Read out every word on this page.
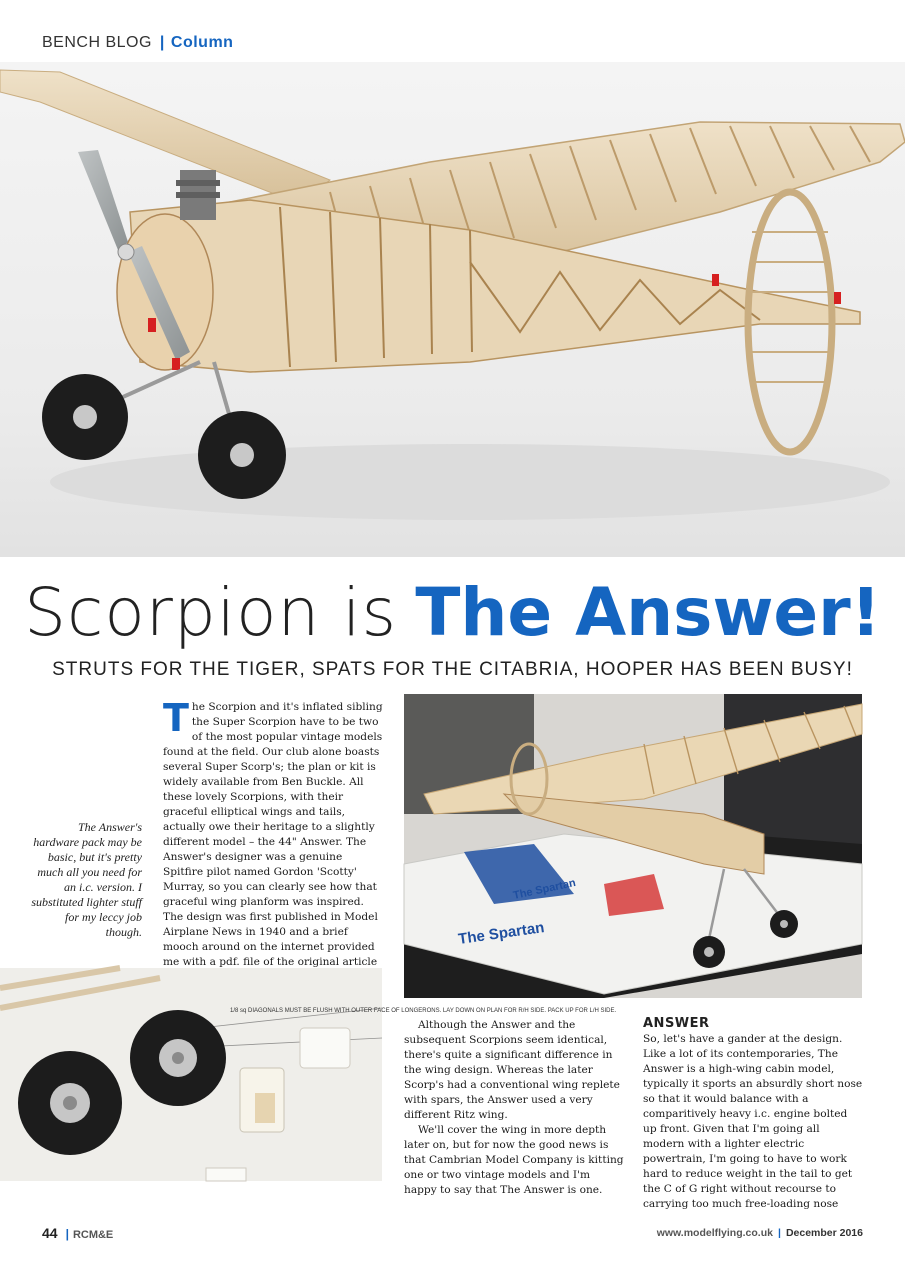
BENCH BLOG | Column
Scorpion is The Answer!
STRUTS FOR THE TIGER, SPATS FOR THE CITABRIA, HOOPER HAS BEEN BUSY!
The Answer's hardware pack may be basic, but it's pretty much all you need for an i.c. version. I substituted lighter stuff for my leccy job though.
T he Scorpion and it's inflated sibling the Super Scorpion have to be two of the most popular vintage models found at the field. Our club alone boasts several Super Scorp's; the plan or kit is widely available from Ben Buckle. All these lovely Scorpions, with their graceful elliptical wings and tails, actually owe their heritage to a slightly different model – the 44" Answer. The Answer's designer was a genuine Spitfire pilot named Gordon 'Scotty' Murray, so you can clearly see how that graceful wing planform was inspired. The design was first published in Model Airplane News in 1940 and a brief mooch around on the internet provided me with a pdf. file of the original article

The Spartan
The Spartan
1/8 sq DIAGONALS MUST BE FLUSH WITH OUTER FACE OF LONGERONS. LAY DOWN ON PLAN FOR R/H SIDE. PACK UP FOR L/H SIDE.

Although the Answer and the subsequent Scorpions seem identical, there's quite a significant difference in the wing design. Whereas the later Scorp's had a conventional wing replete with spars, the Answer used a very different Ritz wing.

We'll cover the wing in more depth later on, but for now the good news is that Cambrian Model Company is kitting one or two vintage models and I'm happy to say that The Answer is one.

ANSWER

So, let's have a gander at the design. Like a lot of its contemporaries, The Answer is a high-wing cabin model, typically it sports an absurdly short nose so that it would balance with a comparitively heavy i.c. engine bolted up front. Given that I'm going all modern with a lighter electric powertrain, I'm going to have to work hard to reduce weight in the tail to get the C of G right without recourse to carrying too much free-loading nose

44 | RCM&E	www.modelflying.co.uk | December 2016
